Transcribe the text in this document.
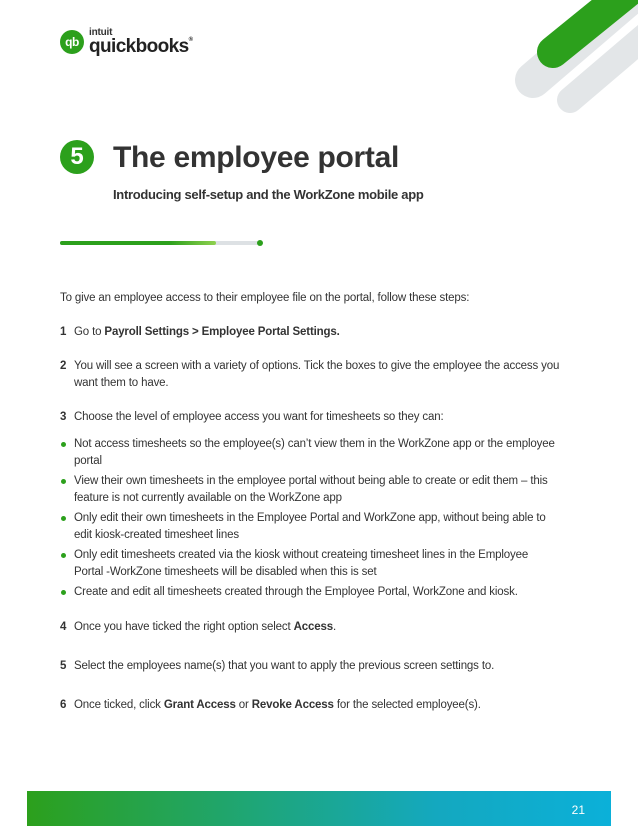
qb
intuit
quickbooks®
5 The employee portal
Introducing self-setup and the WorkZone mobile app

To give an employee access to their employee file on the portal, follow these steps:

1 Go to Payroll Settings > Employee Portal Settings.

2 You will see a screen with a variety of options. Tick the boxes to give the employee the access you want them to have.

3 Choose the level of employee access you want for timesheets so they can:

Not access timesheets so the employee(s) can’t view them in the WorkZone app or the employee portal
View their own timesheets in the employee portal without being able to create or edit them – this feature is not currently available on the WorkZone app
Only edit their own timesheets in the Employee Portal and WorkZone app, without being able to edit kiosk-created timesheet lines
Only edit timesheets created via the kiosk without createing timesheet lines in the Employee Portal -WorkZone timesheets will be disabled when this is set
Create and edit all timesheets created through the Employee Portal, WorkZone and kiosk.

4 Once you have ticked the right option select Access.

5 Select the employees name(s) that you want to apply the previous screen settings to.

6 Once ticked, click Grant Access or Revoke Access for the selected employee(s).

21
